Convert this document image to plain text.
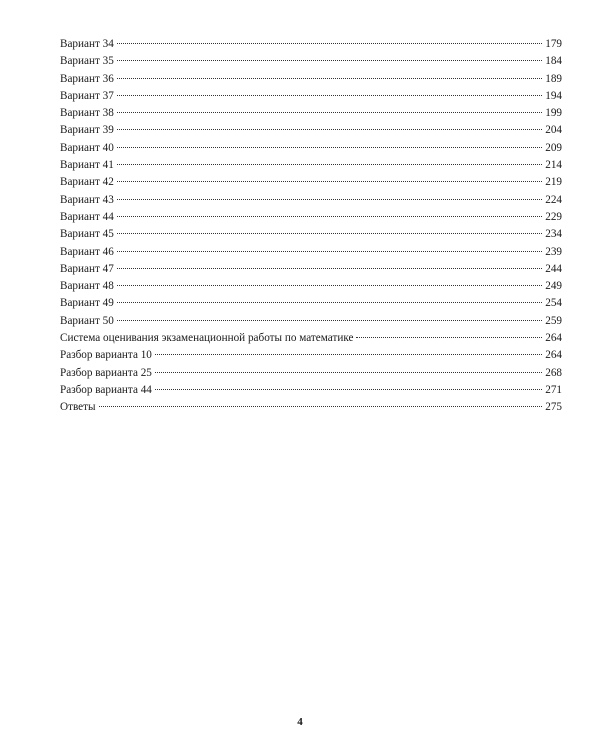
Вариант 34	179
Вариант 35	184
Вариант 36	189
Вариант 37	194
Вариант 38	199
Вариант 39	204
Вариант 40	209
Вариант 41	214
Вариант 42	219
Вариант 43	224
Вариант 44	229
Вариант 45	234
Вариант 46	239
Вариант 47	244
Вариант 48	249
Вариант 49	254
Вариант 50	259
Система оценивания экзаменационной работы по математике	264
Разбор варианта 10	264
Разбор варианта 25	268
Разбор варианта 44	271
Ответы	275
4
